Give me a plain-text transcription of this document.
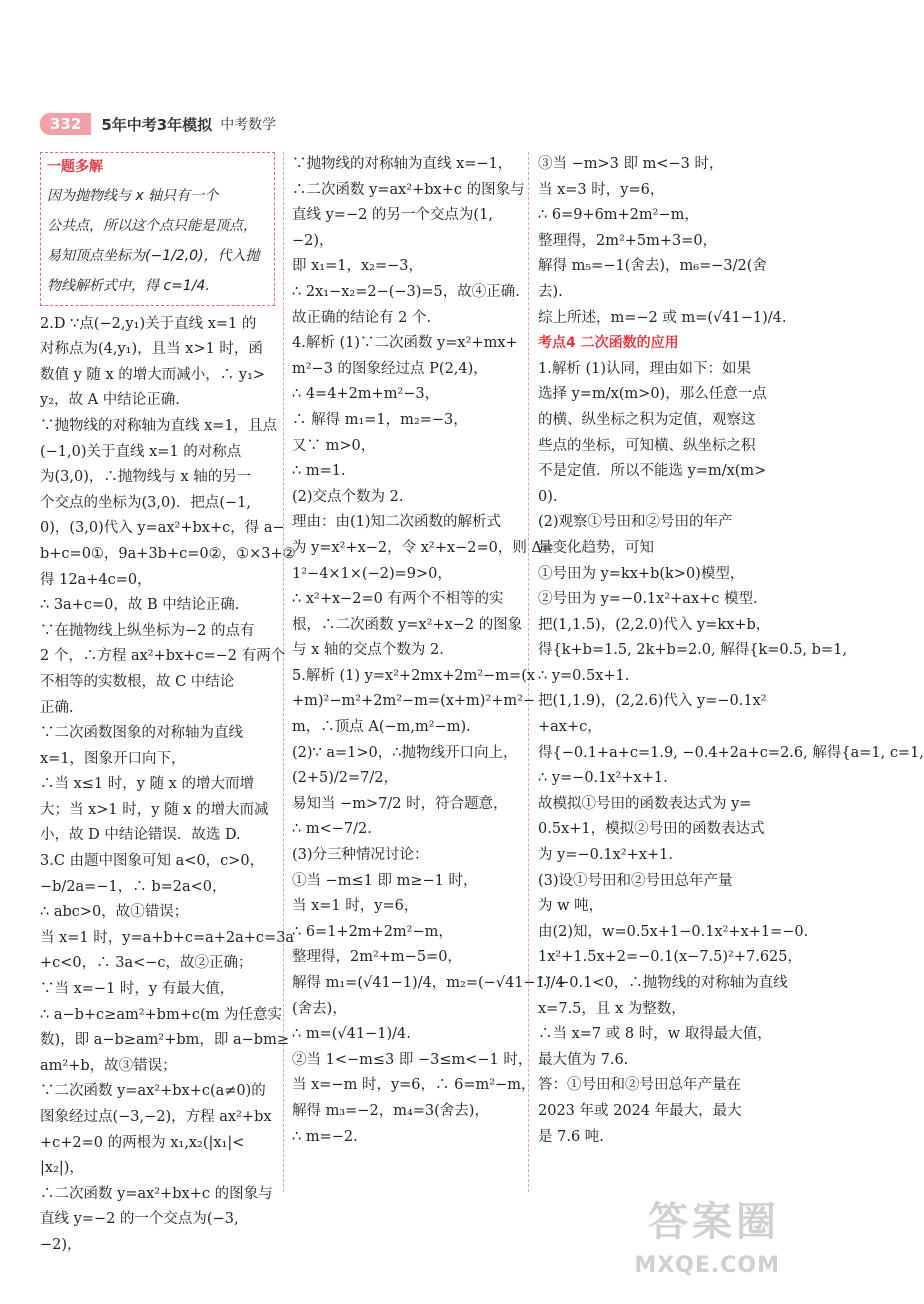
332	5年中考3年模拟 中考数学
一题多解
因为抛物线与 x 轴只有一个
公共点，所以这个点只能是顶点，
易知顶点坐标为(−1/2,0)，代入抛
物线解析式中，得 c=1/4.
2.D ∵点(−2,y₁)关于直线 x=1 的
对称点为(4,y₁)，且当 x>1 时，函
数值 y 随 x 的增大而减小，∴ y₁>
y₂，故 A 中结论正确.
∵抛物线的对称轴为直线 x=1，且点
(−1,0)关于直线 x=1 的对称点
为(3,0)，∴抛物线与 x 轴的另一
个交点的坐标为(3,0)．把点(−1,
0)，(3,0)代入 y=ax²+bx+c，得 a−
b+c=0①，9a+3b+c=0②，①×3+②
得 12a+4c=0，
∴ 3a+c=0，故 B 中结论正确.
∵在抛物线上纵坐标为−2 的点有
2 个，∴方程 ax²+bx+c=−2 有两个
不相等的实数根，故 C 中结论
正确.
∵二次函数图象的对称轴为直线
x=1，图象开口向下，
∴当 x≤1 时，y 随 x 的增大而增
大；当 x>1 时，y 随 x 的增大而减
小，故 D 中结论错误．故选 D.
3.C 由题中图象可知 a<0，c>0，
−b/2a=−1，∴ b=2a<0，
∴ abc>0，故①错误；
当 x=1 时，y=a+b+c=a+2a+c=3a
+c<0，∴ 3a<−c，故②正确；
∵当 x=−1 时，y 有最大值，
∴ a−b+c≥am²+bm+c(m 为任意实
数)，即 a−b≥am²+bm，即 a−bm≥
am²+b，故③错误；
∵二次函数 y=ax²+bx+c(a≠0)的
图象经过点(−3,−2)，方程 ax²+bx
+c+2=0 的两根为 x₁,x₂(|x₁|<
|x₂|)，
∴二次函数 y=ax²+bx+c 的图象与
直线 y=−2 的一个交点为(−3,
−2)，
∵抛物线的对称轴为直线 x=−1，
∴二次函数 y=ax²+bx+c 的图象与
直线 y=−2 的另一个交点为(1,
−2)，
即 x₁=1，x₂=−3，
∴ 2x₁−x₂=2−(−3)=5，故④正确.
故正确的结论有 2 个.
4.解析 (1)∵二次函数 y=x²+mx+
m²−3 的图象经过点 P(2,4)，
∴ 4=4+2m+m²−3，
∴ 解得 m₁=1，m₂=−3，
又∵ m>0，
∴ m=1.
(2)交点个数为 2.
理由：由(1)知二次函数的解析式
为 y=x²+x−2，令 x²+x−2=0，则 Δ=
1²−4×1×(−2)=9>0，
∴ x²+x−2=0 有两个不相等的实
根，∴二次函数 y=x²+x−2 的图象
与 x 轴的交点个数为 2.
5.解析 (1) y=x²+2mx+2m²−m=(x
+m)²−m²+2m²−m=(x+m)²+m²−
m，∴顶点 A(−m,m²−m).
(2)∵ a=1>0，∴抛物线开口向上，
(2+5)/2=7/2，
易知当 −m>7/2 时，符合题意，
∴ m<−7/2.
(3)分三种情况讨论：
①当 −m≤1 即 m≥−1 时，
当 x=1 时，y=6，
∴ 6=1+2m+2m²−m，
整理得，2m²+m−5=0，
解得 m₁=(√41−1)/4，m₂=(−√41−1)/4
(舍去)，
∴ m=(√41−1)/4.
②当 1<−m≤3 即 −3≤m<−1 时，
当 x=−m 时，y=6，∴ 6=m²−m，
解得 m₃=−2，m₄=3(舍去)，
∴ m=−2.
③当 −m>3 即 m<−3 时，
当 x=3 时，y=6，
∴ 6=9+6m+2m²−m，
整理得，2m²+5m+3=0，
解得 m₅=−1(舍去)，m₆=−3/2(舍
去).
综上所述，m=−2 或 m=(√41−1)/4.
考点4 二次函数的应用
1.解析 (1)认同，理由如下：如果
选择 y=m/x(m>0)，那么任意一点
的横、纵坐标之积为定值，观察这
些点的坐标，可知横、纵坐标之积
不是定值．所以不能选 y=m/x(m>
0).
(2)观察①号田和②号田的年产
量变化趋势，可知
①号田为 y=kx+b(k>0)模型，
②号田为 y=−0.1x²+ax+c 模型.
把(1,1.5)，(2,2.0)代入 y=kx+b，
得{k+b=1.5, 2k+b=2.0, 解得{k=0.5, b=1,
∴ y=0.5x+1.
把(1,1.9)，(2,2.6)代入 y=−0.1x²
+ax+c，
得{−0.1+a+c=1.9, −0.4+2a+c=2.6, 解得{a=1, c=1,
∴ y=−0.1x²+x+1.
故模拟①号田的函数表达式为 y=
0.5x+1，模拟②号田的函数表达式
为 y=−0.1x²+x+1.
(3)设①号田和②号田总年产量
为 w 吨，
由(2)知，w=0.5x+1−0.1x²+x+1=−0.
1x²+1.5x+2=−0.1(x−7.5)²+7.625，
∵ −0.1<0，∴抛物线的对称轴为直线
x=7.5，且 x 为整数，
∴当 x=7 或 8 时，w 取得最大值，
最大值为 7.6.
答：①号田和②号田总年产量在
2023 年或 2024 年最大，最大
是 7.6 吨.
答案圈
MXQE.COM
